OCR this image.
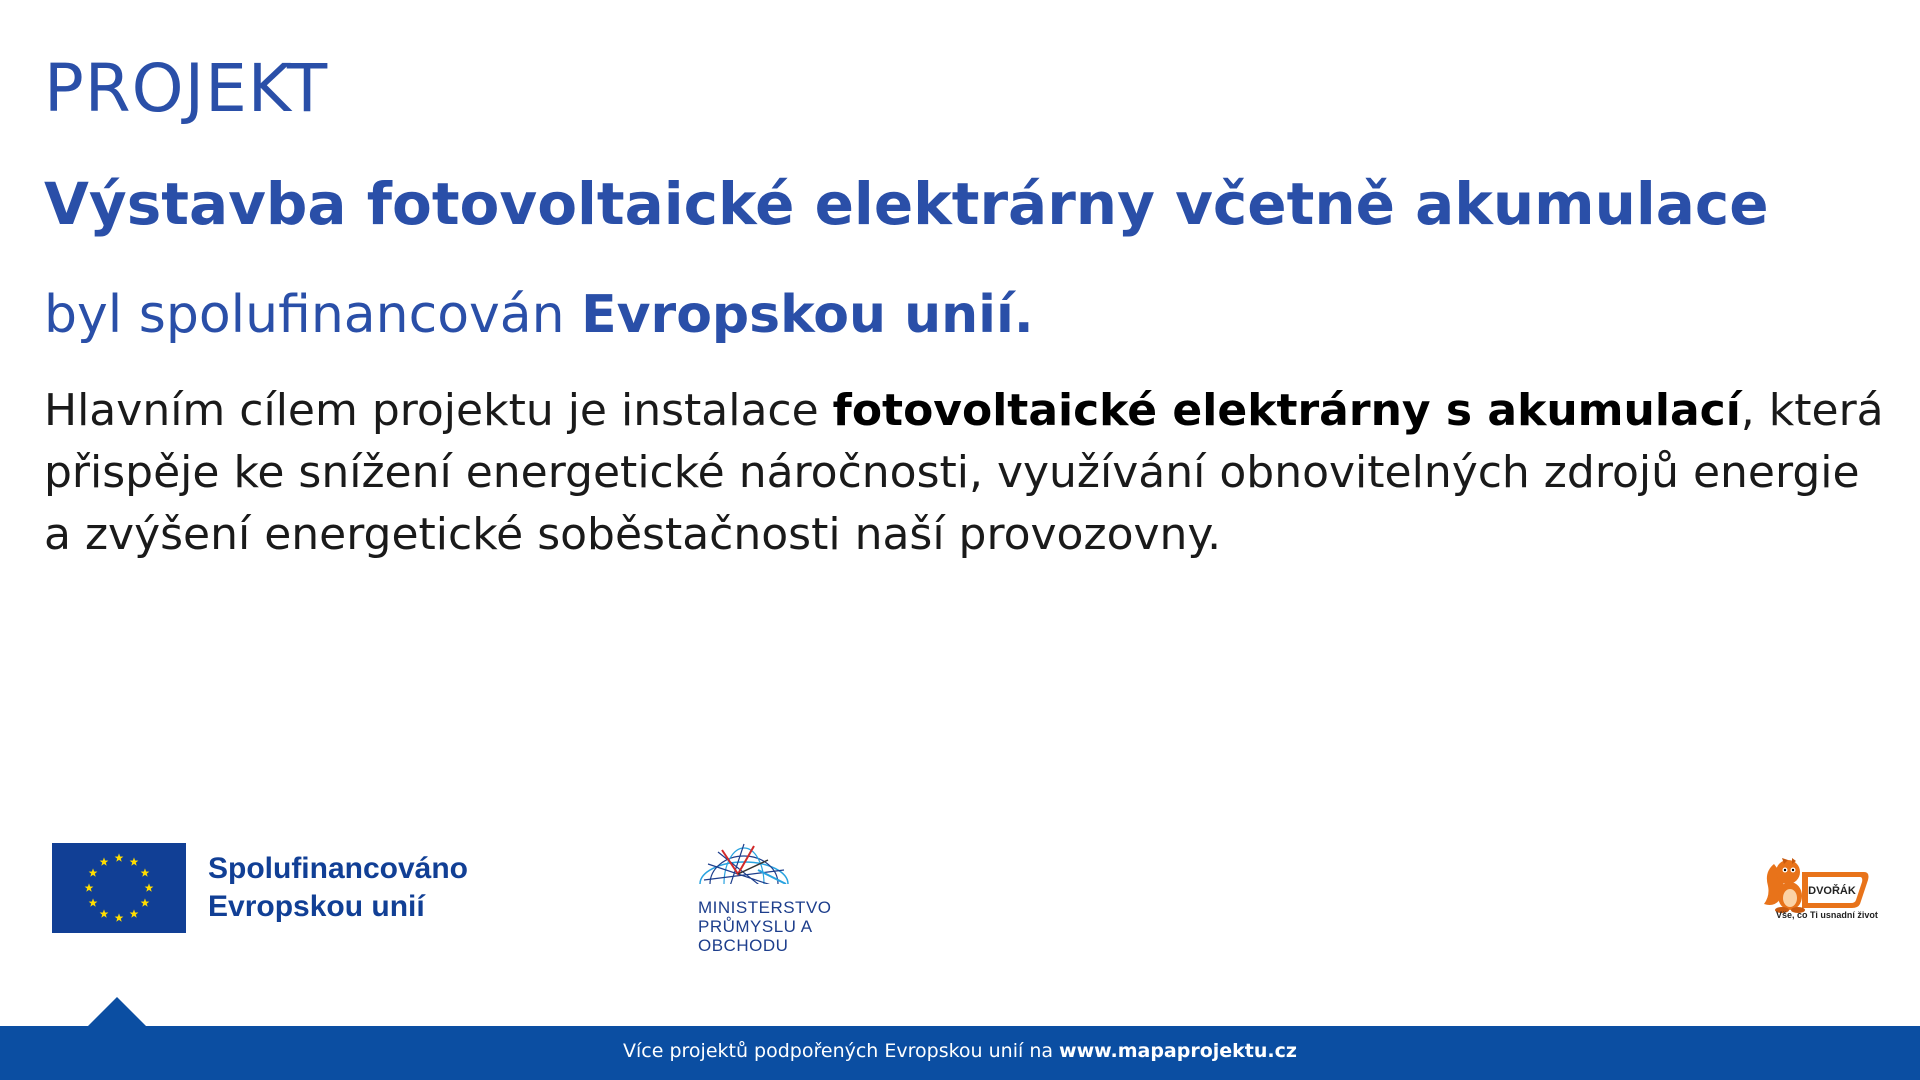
PROJEKT
Výstavba fotovoltaické elektrárny včetně akumulace
byl spolufinancován Evropskou unií.
Hlavním cílem projektu je instalace fotovoltaické elektrárny s akumulací, která přispěje ke snížení energetické náročnosti, využívání obnovitelných zdrojů energie a zvýšení energetické soběstačnosti naší provozovny.
Spolufinancováno
Evropskou unií	MINISTERSTVO
PRŮMYSLU A OBCHODU
DVOŘÁK
Vše, co Ti usnadní život
Více projektů podpořených Evropskou unií na www.mapaprojektu.cz
